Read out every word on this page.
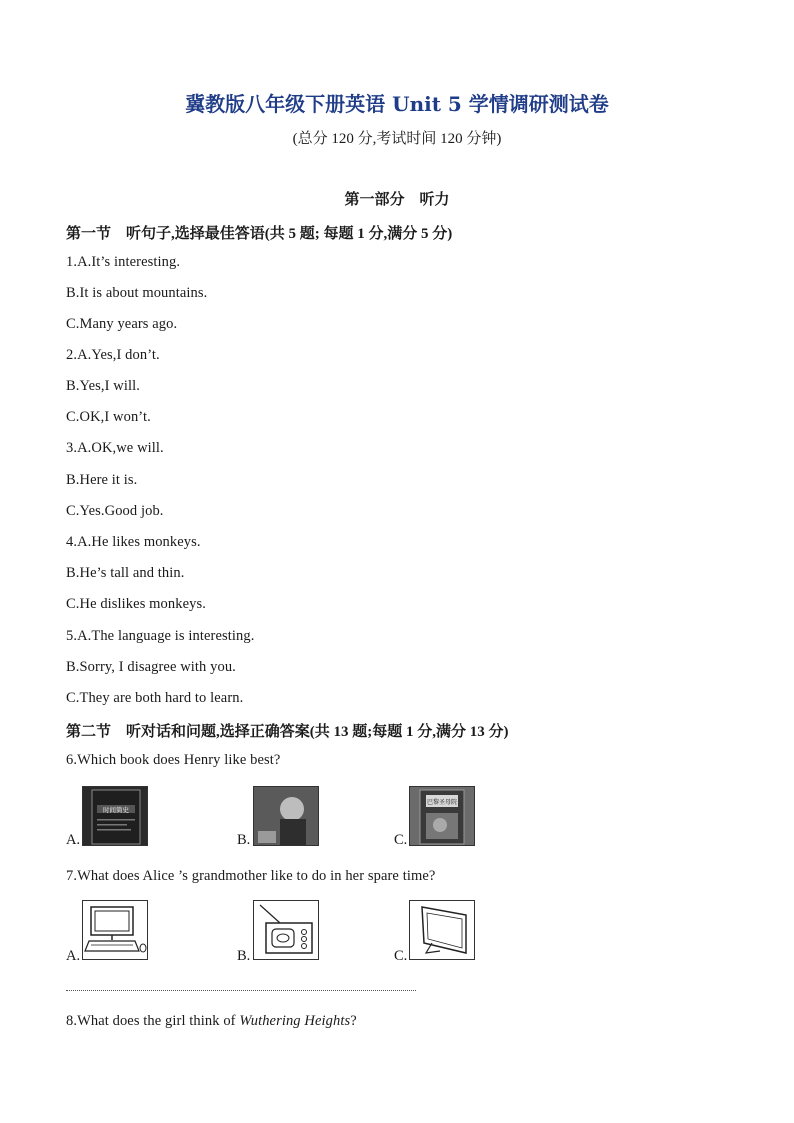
冀教版八年级下册英语 Unit 5 学情调研测试卷
(总分 120 分,考试时间 120 分钟)
第一部分　听力
第一节　听句子,选择最佳答语(共 5 题; 每题 1 分,满分 5 分)
1.A.It’s interesting.
B.It is about mountains.
C.Many years ago.
2.A.Yes,I don’t.
B.Yes,I will.
C.OK,I won’t.
3.A.OK,we will.
B.Here it is.
C.Yes.Good job.
4.A.He likes monkeys.
B.He’s tall and thin.
C.He dislikes monkeys.
5.A.The language is interesting.
B.Sorry, I disagree with you.
C.They are both hard to learn.
第二节　听对话和问题,选择正确答案(共 13 题;每题 1 分,满分 13 分)
6.Which book does Henry like best?
A.
时间简史
B.	C.
巴黎圣母院
7.What does Alice ’s grandmother like to do in her spare time?
A.	B.	C.
8.What does the girl think of Wuthering Heights?
